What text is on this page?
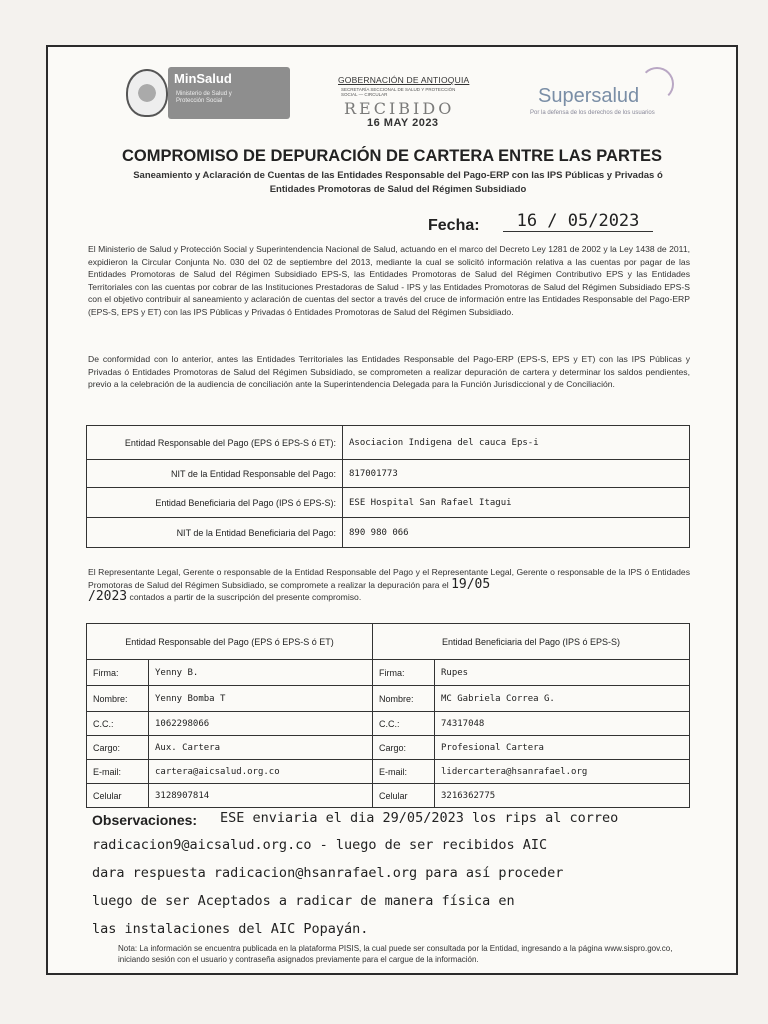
MinSalud
Ministerio de Salud y Protección Social
GOBERNACIÓN DE ANTIOQUIA
SECRETARÍA SECCIONAL DE SALUD Y PROTECCIÓN SOCIAL — CIRCULAR
RECIBIDO
16 MAY 2023
Supersalud
Por la defensa de los derechos de los usuarios
COMPROMISO DE DEPURACIÓN DE CARTERA ENTRE LAS PARTES
Saneamiento y Aclaración de Cuentas de las Entidades Responsable del Pago-ERP con las IPS Públicas y Privadas ó Entidades Promotoras de Salud del Régimen Subsidiado
Fecha:	16 / 05/2023
El Ministerio de Salud y Protección Social y Superintendencia Nacional de Salud, actuando en el marco del Decreto Ley 1281 de 2002 y la Ley 1438 de 2011, expidieron la Circular Conjunta No. 030 del 02 de septiembre del 2013, mediante la cual se solicitó información relativa a las cuentas por pagar de las Entidades Promotoras de Salud del Régimen Subsidiado EPS-S, las Entidades Promotoras de Salud del Régimen Contributivo EPS y las Entidades Territoriales con las cuentas por cobrar de las Instituciones Prestadoras de Salud - IPS y las Entidades Promotoras de Salud del Régimen Subsidiado EPS-S con el objetivo contribuir al saneamiento y aclaración de cuentas del sector a través del cruce de información entre las Entidades Responsable del Pago-ERP (EPS-S, EPS y ET) con las IPS Públicas y Privadas ó Entidades Promotoras de Salud del Régimen Subsidiado.
De conformidad con lo anterior, antes las Entidades Territoriales las Entidades Responsable del Pago-ERP (EPS-S, EPS y ET) con las IPS Públicas y Privadas ó Entidades Promotoras de Salud del Régimen Subsidiado, se comprometen a realizar depuración de cartera y determinar los saldos pendientes, previo a la celebración de la audiencia de conciliación ante la Superintendencia Delegada para la Función Jurisdiccional y de Conciliación.
Entidad Responsable del Pago (EPS ó EPS-S ó ET):	Asociacion Indigena del cauca Eps-i
NIT de la Entidad Responsable del Pago:	817001773
Entidad Beneficiaria del Pago (IPS ó EPS-S):	ESE Hospital San Rafael Itagui
NIT de la Entidad Beneficiaria del Pago:	890 980 066
El Representante Legal, Gerente o responsable de la Entidad Responsable del Pago y el Representante Legal, Gerente o responsable de la IPS ó Entidades Promotoras de Salud del Régimen Subsidiado, se compromete a realizar la depuración para el 19/05
/2023 contados a partir de la suscripción del presente compromiso.
Entidad Responsable del Pago (EPS ó EPS-S ó ET)		Entidad Beneficiaria del Pago (IPS ó EPS-S)	
Firma:	Yenny B.	Firma:	Rupes
Nombre:	Yenny Bomba T	Nombre:	MC Gabriela Correa G.
C.C.:	1062298066	C.C.:	74317048
Cargo:	Aux. Cartera	Cargo:	Profesional Cartera
E-mail:	cartera@aicsalud.org.co	E-mail:	lidercartera@hsanrafael.org
Celular	3128907814	Celular	3216362775
Observaciones: ESE enviaria el dia 29/05/2023 los rips al correo
radicacion9@aicsalud.org.co - luego de ser recibidos AIC
dara respuesta radicacion@hsanrafael.org para así proceder
luego de ser Aceptados a radicar de manera física en
las instalaciones del AIC Popayán.
Nota: La información se encuentra publicada en la plataforma PISIS, la cual puede ser consultada por la Entidad, ingresando a la página www.sispro.gov.co, iniciando sesión con el usuario y contraseña asignados previamente para el cargue de la información.
